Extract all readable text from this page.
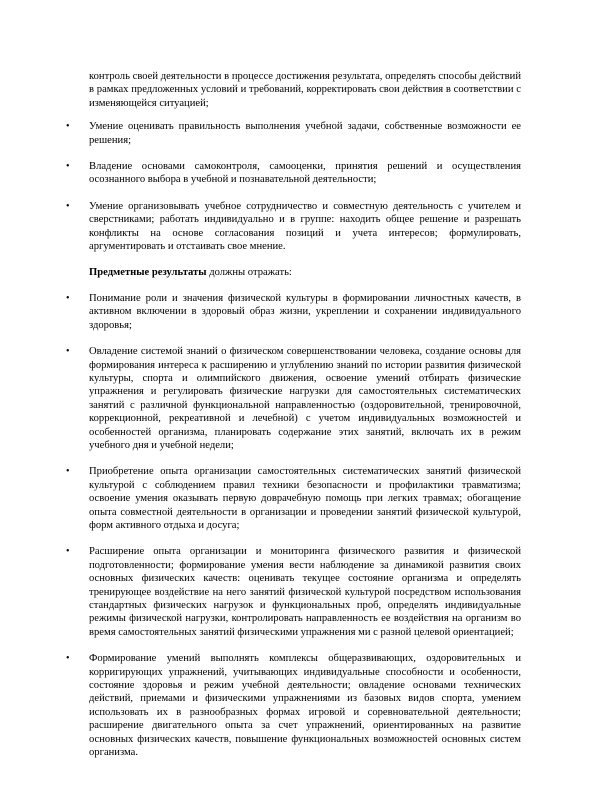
контроль своей деятельности в процессе достижения результата, определять способы действий в рамках предложенных условий и требований, корректировать свои действия в соответствии с изменяющейся ситуацией;

• Умение оценивать правильность выполнения учебной задачи, собственные возможности ее решения;

• Владение основами самоконтроля, самооценки, принятия решений и осуществления осознанного выбора в учебной и познавательной деятельности;

• Умение организовывать учебное сотрудничество и совместную деятельность с учителем и сверстниками; работать индивидуально и в группе: находить общее решение и разрешать конфликты на основе согласования позиций и учета интересов; формулировать, аргументировать и отстаивать свое мнение.

Предметные результаты должны отражать:

• Понимание роли и значения физической культуры в формировании личностных качеств, в активном включении в здоровый образ жизни, укреплении и сохранении индивидуального здоровья;

• Овладение системой знаний о физическом совершенствовании человека, создание основы для формирования интереса к расширению и углублению знаний по истории развития физической культуры, спорта и олимпийского движения, освоение умений отбирать физические упражнения и регулировать физические нагрузки для самостоятельных систематических занятий с различной функциональной направленностью (оздоровительной, тренировочной, коррекционной, рекреативной и лечебной) с учетом индивидуальных возможностей и особенностей организма, планировать содержание этих занятий, включать их в режим учебного дня и учебной недели;

• Приобретение опыта организации самостоятельных систематических занятий физической культурой с соблюдением правил техники безопасности и профилактики травматизма; освоение умения оказывать первую доврачебную помощь при легких травмах; обогащение опыта совместной деятельности в организации и проведении занятий физической культурой, форм активного отдыха и досуга;

• Расширение опыта организации и мониторинга физического развития и физической подготовленности; формирование умения вести наблюдение за динамикой развития своих основных физических качеств: оценивать текущее состояние организма и определять тренирующее воздействие на него занятий физической культурой посредством использования стандартных физических нагрузок и функциональных проб, определять индивидуальные режимы физической нагрузки, контролировать направленность ее воздействия на организм во время самостоятельных занятий физическими упражнения ми с разной целевой ориентацией;

• Формирование умений выполнять комплексы общеразвивающих, оздоровительных и корригирующих упражнений, учитывающих индивидуальные способности и особенности, состояние здоровья и режим учебной деятельности; овладение основами технических действий, приемами и физическими упражнениями из базовых видов спорта, умением использовать их в разнообразных формах игровой и соревновательной деятельности; расширение двигательного опыта за счет упражнений, ориентированных на развитие основных физических качеств, повышение функциональных возможностей основных систем организма.
